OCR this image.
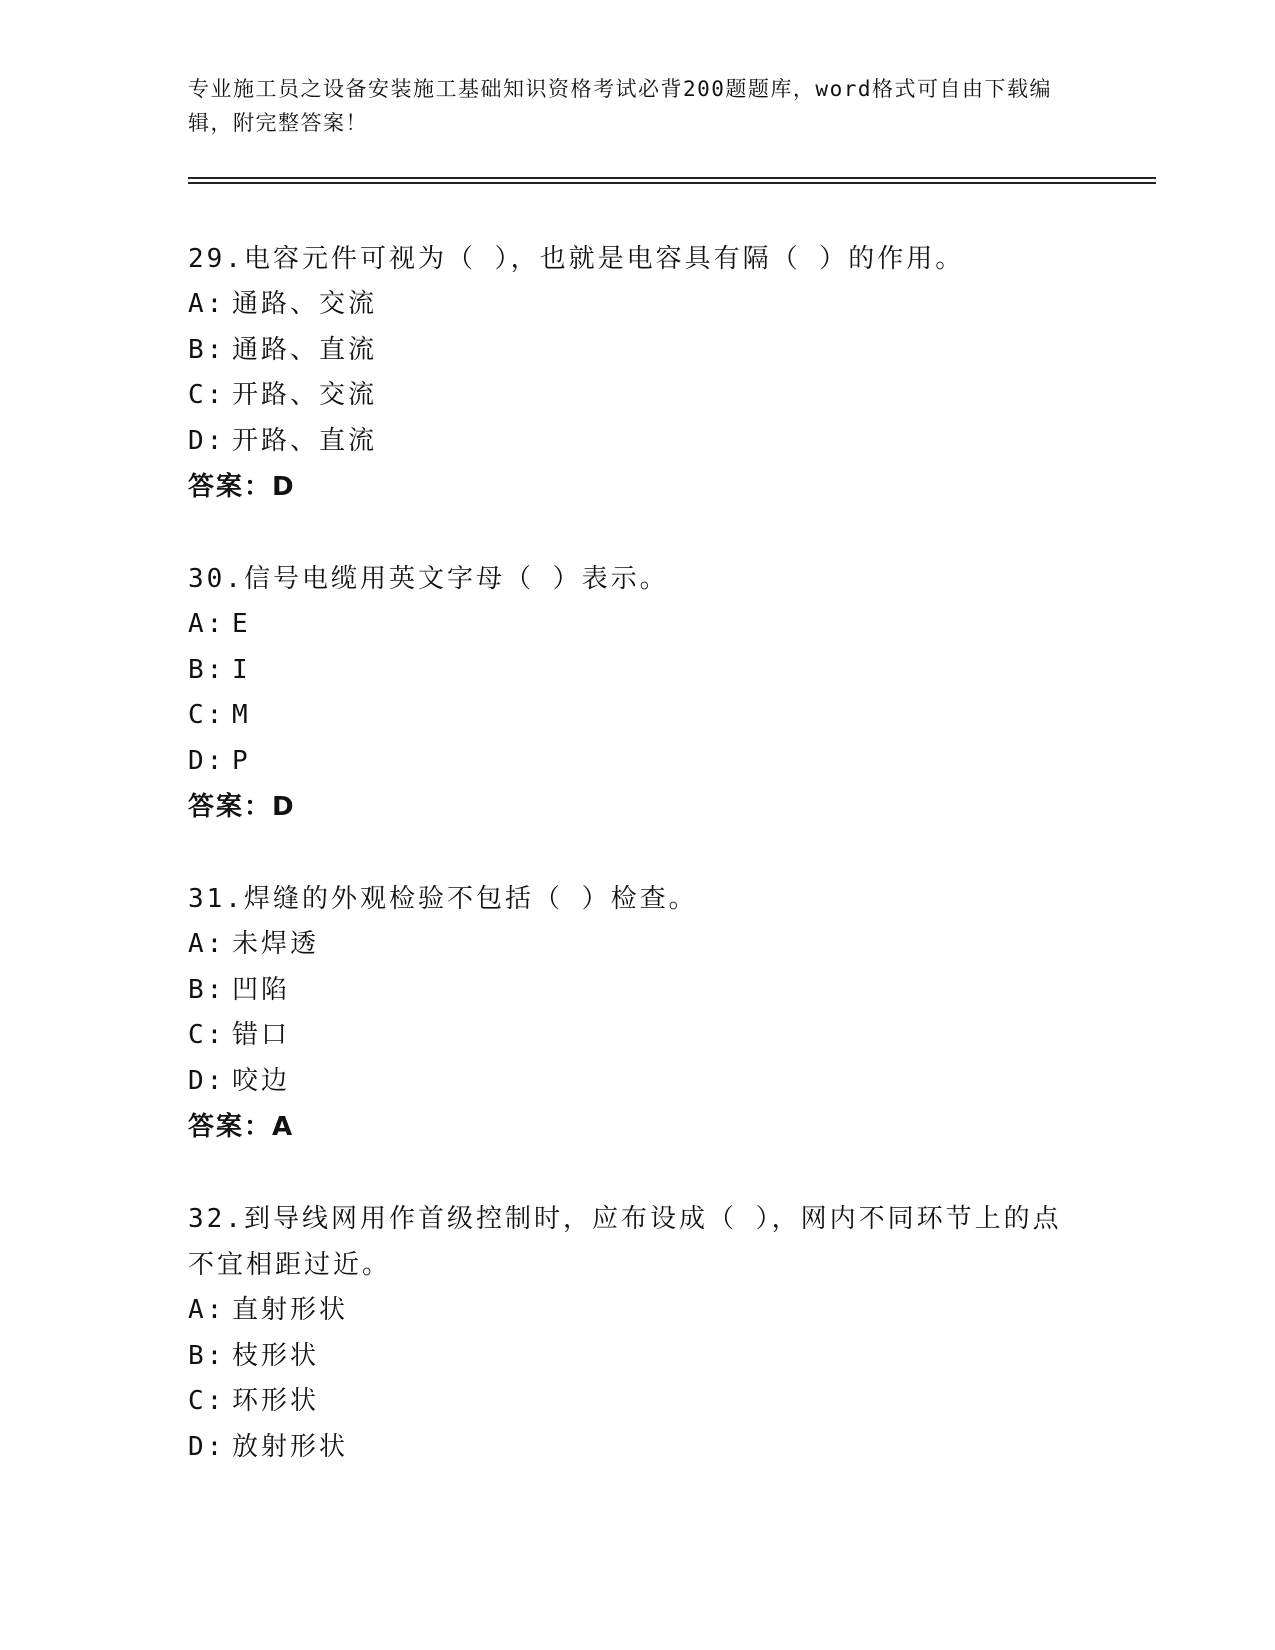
专业施工员之设备安装施工基础知识资格考试必背200题题库，word格式可自由下载编辑，附完整答案！
29.电容元件可视为（ ），也就是电容具有隔（ ）的作用。
A: 通路、交流
B: 通路、直流
C: 开路、交流
D: 开路、直流
答案：D
30.信号电缆用英文字母（ ）表示。
A: E
B: I
C: M
D: P
答案：D
31.焊缝的外观检验不包括（ ）检查。
A: 未焊透
B: 凹陷
C: 错口
D: 咬边
答案：A
32.到导线网用作首级控制时，应布设成（ ），网内不同环节上的点不宜相距过近。
A: 直射形状
B: 枝形状
C: 环形状
D: 放射形状
